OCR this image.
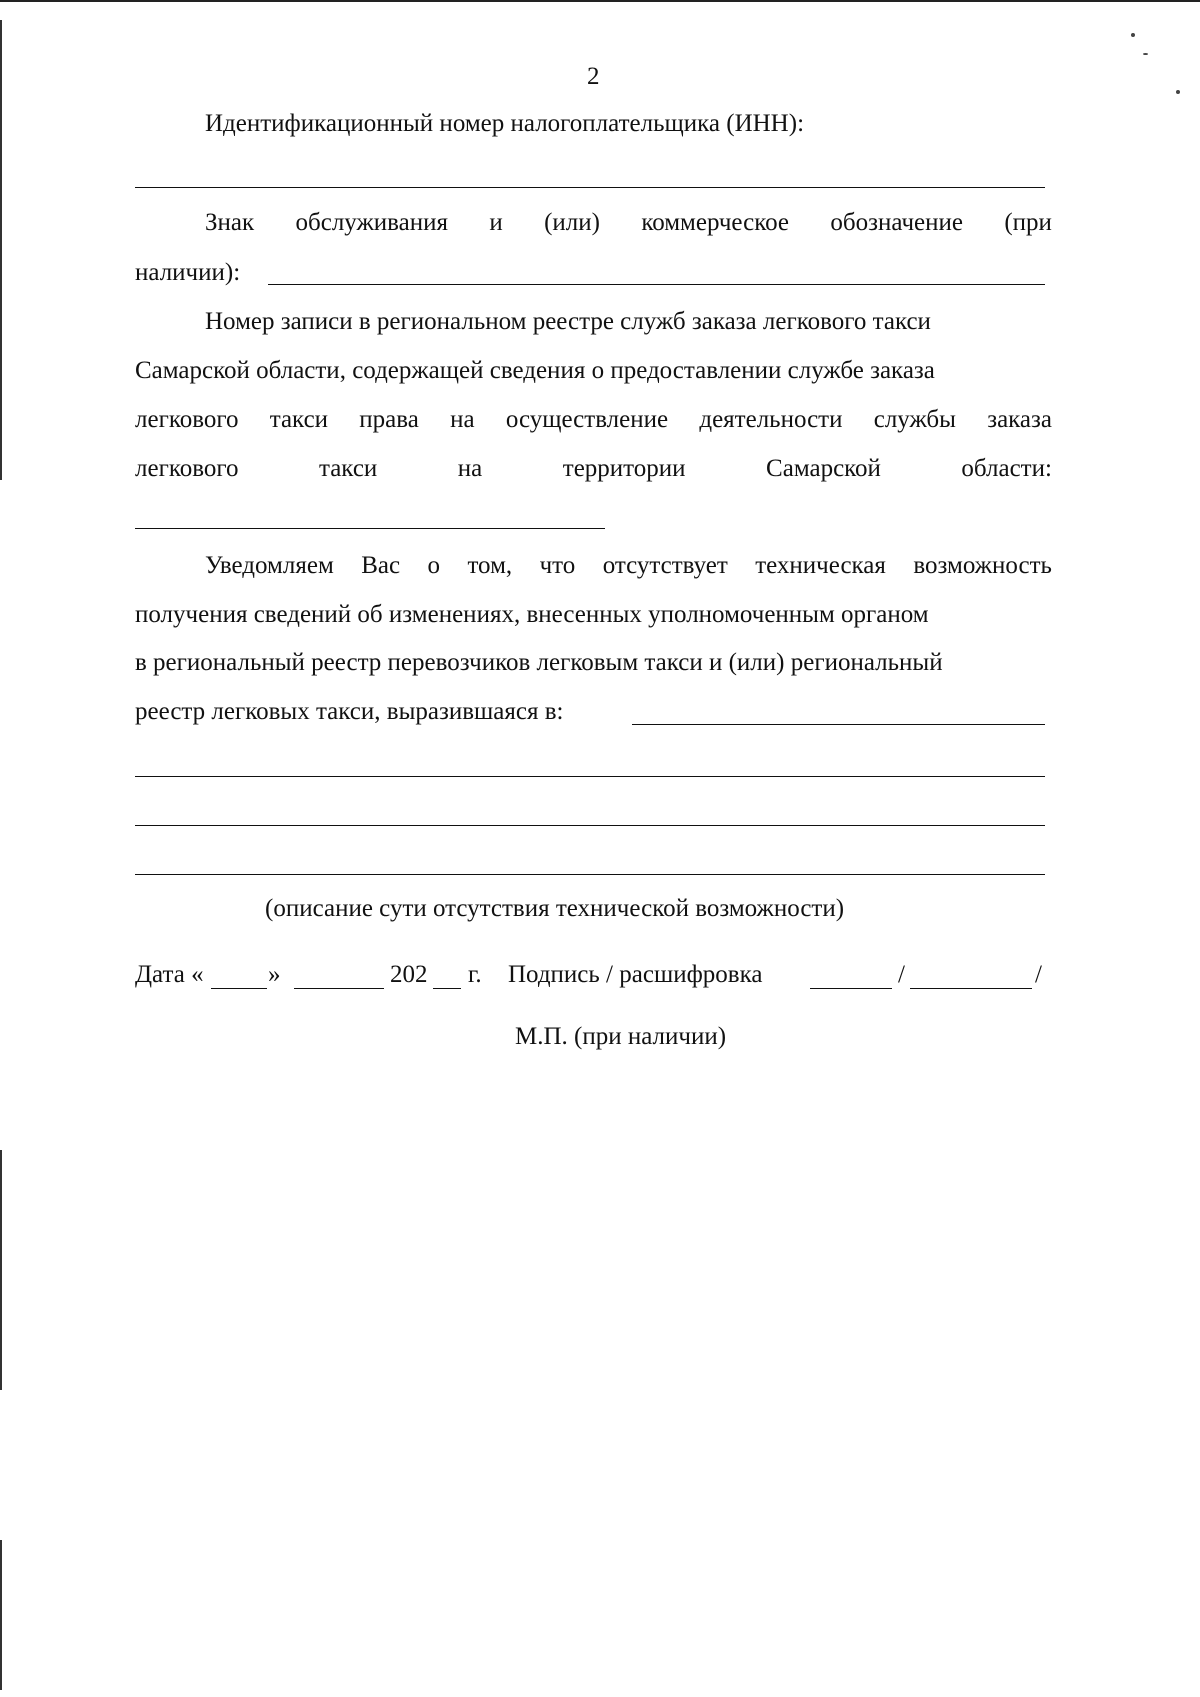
2
Идентификационный номер налогоплательщика (ИНН):
Знак обслуживания и (или) коммерческое обозначение (при
наличии):
Номер записи в региональном реестре служб заказа легкового такси
Самарской области, содержащей сведения о предоставлении службе заказа
легкового такси права на осуществление деятельности службы заказа
легкового	такси	на	территории	Самарской	области:
Уведомляем Вас о том, что отсутствует техническая возможность
получения сведений об изменениях, внесенных уполномоченным органом
в региональный реестр перевозчиков легковым такси и (или) региональный
реестр легковых такси, выразившаяся в:
(описание сути отсутствия технической возможности)
Дата «	»	202 г. Подпись / расшифровка	/	/
М.П. (при наличии)
